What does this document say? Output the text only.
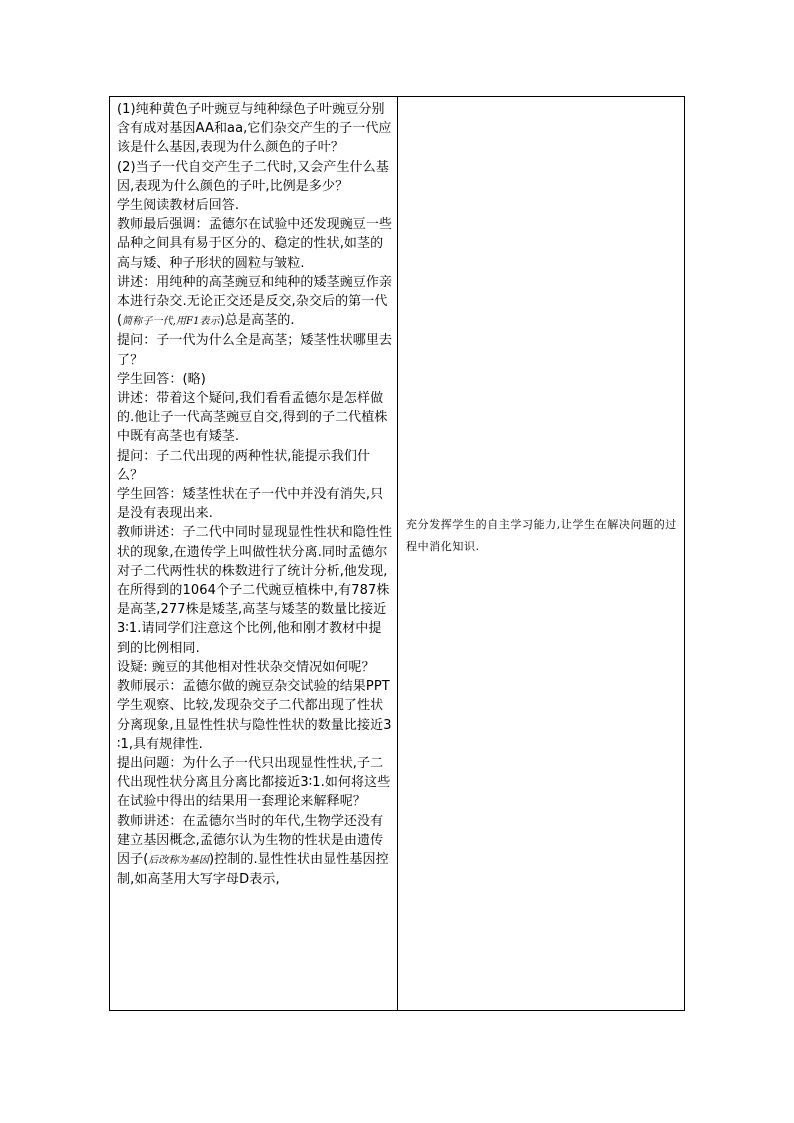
(1)纯种黄色子叶豌豆与纯种绿色子叶豌豆分别含有成对基因AA和aa,它们杂交产生的子一代应该是什么基因,表现为什么颜色的子叶？

(2)当子一代自交产生子二代时,又会产生什么基因,表现为什么颜色的子叶,比例是多少？

学生阅读教材后回答.

教师最后强调：孟德尔在试验中还发现豌豆一些品种之间具有易于区分的、稳定的性状,如茎的高与矮、种子形状的圆粒与皱粒.

讲述：用纯种的高茎豌豆和纯种的矮茎豌豆作亲本进行杂交.无论正交还是反交,杂交后的第一代(简称子一代,用F1表示)总是高茎的.

提问：子一代为什么全是高茎；矮茎性状哪里去了？

学生回答：(略)

讲述：带着这个疑问,我们看看孟德尔是怎样做的.他让子一代高茎豌豆自交,得到的子二代植株中既有高茎也有矮茎.

提问：子二代出现的两种性状,能提示我们什么？

学生回答：矮茎性状在子一代中并没有消失,只是没有表现出来.

教师讲述：子二代中同时显现显性性状和隐性性状的现象,在遗传学上叫做性状分离.同时孟德尔对子二代两性状的株数进行了统计分析,他发现,在所得到的1064个子二代豌豆植株中,有787株是高茎,277株是矮茎,高茎与矮茎的数量比接近3∶1.请同学们注意这个比例,他和刚才教材中提到的比例相同.

设疑: 豌豆的其他相对性状杂交情况如何呢？

教师展示：孟德尔做的豌豆杂交试验的结果PPT学生观察、比较,发现杂交子二代都出现了性状分离现象,且显性性状与隐性性状的数量比接近3∶1,具有规律性.

提出问题：为什么子一代只出现显性性状,子二代出现性状分离且分离比都接近3∶1.如何将这些在试验中得出的结果用一套理论来解释呢？

教师讲述：在孟德尔当时的年代,生物学还没有建立基因概念,孟德尔认为生物的性状是由遗传因子(后改称为基因)控制的.显性性状由显性基因控制,如高茎用大写字母D表示,

充分发挥学生的自主学习能力,让学生在解决问题的过程中消化知识.
